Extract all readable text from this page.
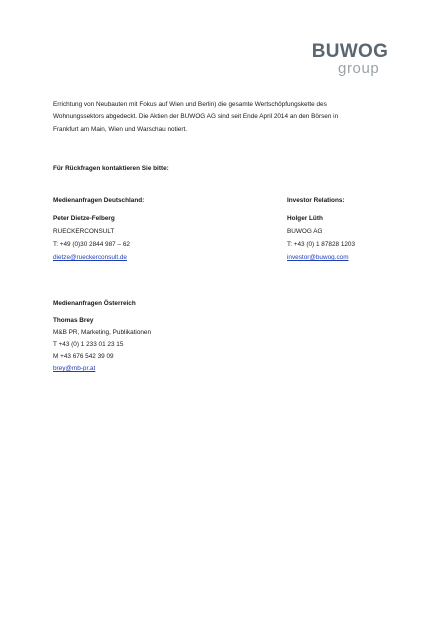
BUWOG
group
Errichtung von Neubauten mit Fokus auf Wien und Berlin) die gesamte Wertschöpfungskette des
Wohnungssektors abgedeckt. Die Aktien der BUWOG AG sind seit Ende April 2014 an den Börsen in
Frankfurt am Main, Wien und Warschau notiert.
Für Rückfragen kontaktieren Sie bitte:
Medienanfragen Deutschland:
Peter Dietze-Felberg
RUECKERCONSULT
T: +49 (0)30 2844 987 – 62
dietze@rueckerconsult.de
Investor Relations:
Holger Lüth
BUWOG AG
T: +43 (0) 1 87828 1203
investor@buwog.com
Medienanfragen Österreich
Thomas Brey
M&B PR, Marketing, Publikationen
T +43 (0) 1 233 01 23 15
M +43 676 542 39 09
brey@mb-pr.at
